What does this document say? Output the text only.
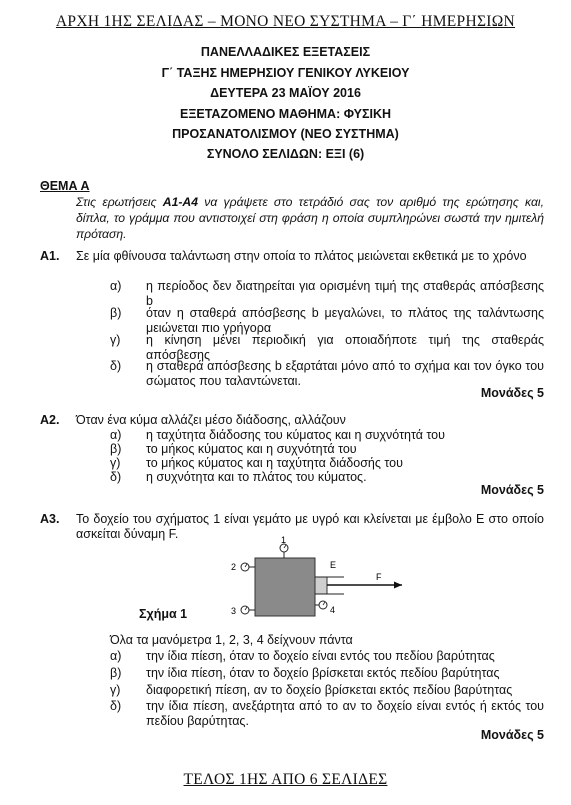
ΑΡΧΗ 1ΗΣ ΣΕΛΙΔΑΣ – ΜΟΝΟ ΝΕΟ ΣΥΣΤΗΜΑ – Γ΄ ΗΜΕΡΗΣΙΩΝ
ΠΑΝΕΛΛΑΔΙΚΕΣ ΕΞΕΤΑΣΕΙΣ
Γ΄ ΤΑΞΗΣ ΗΜΕΡΗΣΙΟΥ ΓΕΝΙΚΟΥ ΛΥΚΕΙΟΥ
ΔΕΥΤΕΡΑ 23 ΜΑΪΟΥ 2016
ΕΞΕΤΑΖΟΜΕΝΟ ΜΑΘΗΜΑ: ΦΥΣΙΚΗ
ΠΡΟΣΑΝΑΤΟΛΙΣΜΟΥ (ΝΕΟ ΣΥΣΤΗΜΑ)
ΣΥΝΟΛΟ ΣΕΛΙΔΩΝ: ΕΞΙ (6)
ΘΕΜΑ Α
Στις ερωτήσεις Α1-Α4 να γράψετε στο τετράδιό σας τον αριθμό της ερώτησης και, δίπλα, το γράμμα που αντιστοιχεί στη φράση η οποία συμπληρώνει σωστά την ημιτελή πρόταση.
Α1. Σε μία φθίνουσα ταλάντωση στην οποία το πλάτος μειώνεται εκθετικά με το χρόνο
α) η περίοδος δεν διατηρείται για ορισμένη τιμή της σταθεράς απόσβεσης b
β) όταν η σταθερά απόσβεσης b μεγαλώνει, το πλάτος της ταλάντωσης μειώνεται πιο γρήγορα
γ) η κίνηση μένει περιοδική για οποιαδήποτε τιμή της σταθεράς απόσβεσης
δ) η σταθερά απόσβεσης b εξαρτάται μόνο από το σχήμα και τον όγκο του σώματος που ταλαντώνεται.
Μονάδες 5
Α2. Όταν ένα κύμα αλλάζει μέσο διάδοσης, αλλάζουν
α) η ταχύτητα διάδοσης του κύματος και η συχνότητά του
β) το μήκος κύματος και η συχνότητά του
γ) το μήκος κύματος και η ταχύτητα διάδοσής του
δ) η συχνότητα και το πλάτος του κύματος.
Μονάδες 5
Α3. Το δοχείο του σχήματος 1 είναι γεμάτο με υγρό και κλείνεται με έμβολο Ε στο οποίο ασκείται δύναμη F.	1
2
3	4
E
F
Σχήμα 1
Όλα τα μανόμετρα 1, 2, 3, 4 δείχνουν πάντα
α) την ίδια πίεση, όταν το δοχείο είναι εντός του πεδίου βαρύτητας
β) την ίδια πίεση, όταν το δοχείο βρίσκεται εκτός πεδίου βαρύτητας
γ) διαφορετική πίεση, αν το δοχείο βρίσκεται εκτός πεδίου βαρύτητας
δ) την ίδια πίεση, ανεξάρτητα από το αν το δοχείο είναι εντός ή εκτός του πεδίου βαρύτητας.
Μονάδες 5
ΤΕΛΟΣ 1ΗΣ ΑΠΟ 6 ΣΕΛΙΔΕΣ
